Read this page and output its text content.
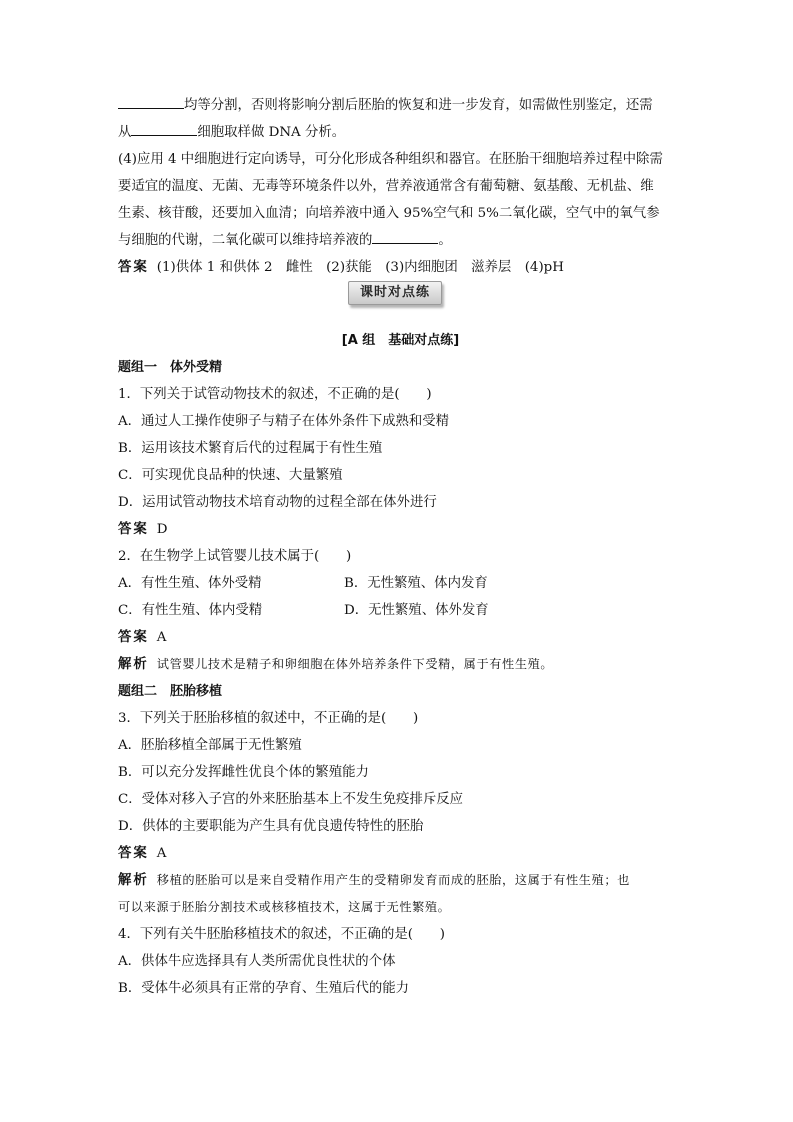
均等分割，否则将影响分割后胚胎的恢复和进一步发育，如需做性别鉴定，还需
从	细胞取样做 DNA 分析。
(4)应用 4 中细胞进行定向诱导，可分化形成各种组织和器官。在胚胎干细胞培养过程中除需
要适宜的温度、无菌、无毒等环境条件以外，营养液通常含有葡萄糖、氨基酸、无机盐、维
生素、核苷酸，还要加入血清；向培养液中通入 95%空气和 5%二氧化碳，空气中的氧气参
与细胞的代谢，二氧化碳可以维持培养液的	。
答案 (1)供体 1 和供体 2　雌性　(2)获能　(3)内细胞团　滋养层　(4)pH
课时对点练
[A 组　基础对点练]
题组一　体外受精
1．下列关于试管动物技术的叙述，不正确的是(　　)
A．通过人工操作使卵子与精子在体外条件下成熟和受精
B．运用该技术繁育后代的过程属于有性生殖
C．可实现优良品种的快速、大量繁殖
D．运用试管动物技术培育动物的过程全部在体外进行
答案 D
2．在生物学上试管婴儿技术属于(　　)
A．有性生殖、体外受精	B．无性繁殖、体内发育
C．有性生殖、体内受精	D．无性繁殖、体外发育
答案 A
解析 试管婴儿技术是精子和卵细胞在体外培养条件下受精，属于有性生殖。
题组二　胚胎移植
3．下列关于胚胎移植的叙述中，不正确的是(　　)
A．胚胎移植全部属于无性繁殖
B．可以充分发挥雌性优良个体的繁殖能力
C．受体对移入子宫的外来胚胎基本上不发生免疫排斥反应
D．供体的主要职能为产生具有优良遗传特性的胚胎
答案 A
解析 移植的胚胎可以是来自受精作用产生的受精卵发育而成的胚胎，这属于有性生殖；也
可以来源于胚胎分割技术或核移植技术，这属于无性繁殖。
4．下列有关牛胚胎移植技术的叙述，不正确的是(　　)
A．供体牛应选择具有人类所需优良性状的个体
B．受体牛必须具有正常的孕育、生殖后代的能力
